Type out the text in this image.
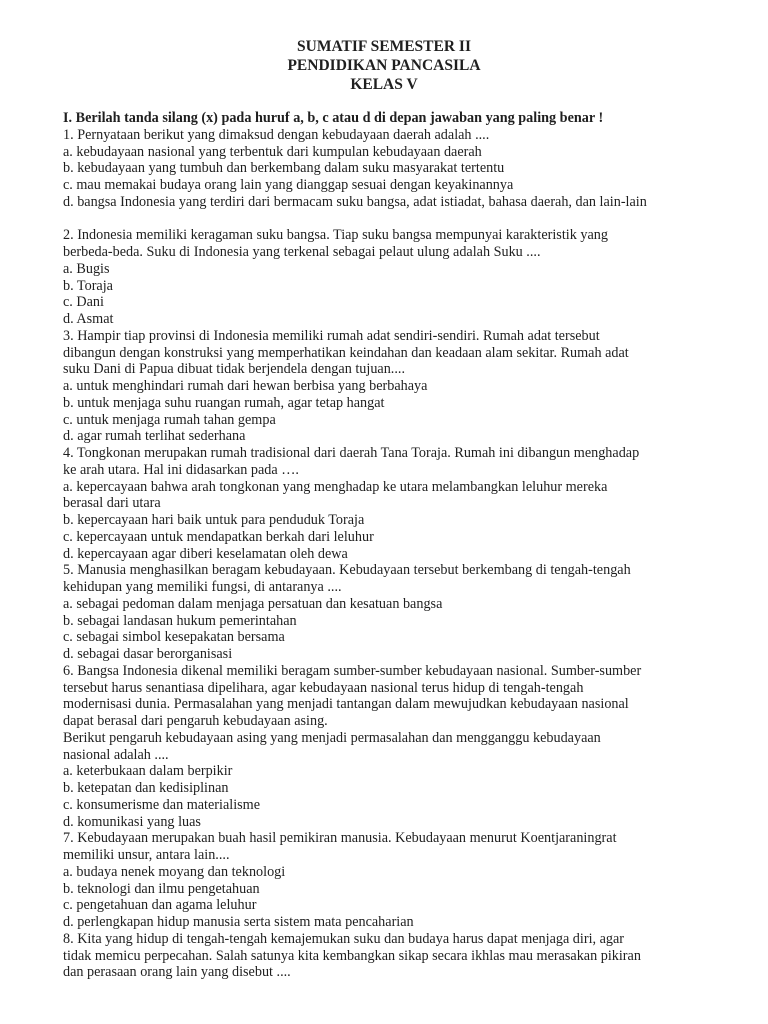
SUMATIF SEMESTER II
PENDIDIKAN PANCASILA
KELAS V
I. Berilah tanda silang (x) pada huruf a, b, c atau d di depan jawaban yang paling benar !
1. Pernyataan berikut yang dimaksud dengan kebudayaan daerah adalah ....
a. kebudayaan nasional yang terbentuk dari kumpulan kebudayaan daerah
b. kebudayaan yang tumbuh dan berkembang dalam suku masyarakat tertentu
c. mau memakai budaya orang lain yang dianggap sesuai dengan keyakinannya
d. bangsa Indonesia yang terdiri dari bermacam suku bangsa, adat istiadat, bahasa daerah, dan lain-lain
2. Indonesia memiliki keragaman suku bangsa. Tiap suku bangsa mempunyai karakteristik yang
berbeda-beda. Suku di Indonesia yang terkenal sebagai pelaut ulung adalah Suku ....
a. Bugis
b. Toraja
c. Dani
d. Asmat
3. Hampir tiap provinsi di Indonesia memiliki rumah adat sendiri-sendiri. Rumah adat tersebut
dibangun dengan konstruksi yang memperhatikan keindahan dan keadaan alam sekitar. Rumah adat
suku Dani di Papua dibuat tidak berjendela dengan tujuan....
a. untuk menghindari rumah dari hewan berbisa yang berbahaya
b. untuk menjaga suhu ruangan rumah, agar tetap hangat
c. untuk menjaga rumah tahan gempa
d. agar rumah terlihat sederhana
4. Tongkonan merupakan rumah tradisional dari daerah Tana Toraja. Rumah ini dibangun menghadap
ke arah utara. Hal ini didasarkan pada ….
a. kepercayaan bahwa arah tongkonan yang menghadap ke utara melambangkan leluhur mereka
berasal dari utara
b. kepercayaan hari baik untuk para penduduk Toraja
c. kepercayaan untuk mendapatkan berkah dari leluhur
d. kepercayaan agar diberi keselamatan oleh dewa
5. Manusia menghasilkan beragam kebudayaan. Kebudayaan tersebut berkembang di tengah-tengah
kehidupan yang memiliki fungsi, di antaranya ....
a. sebagai pedoman dalam menjaga persatuan dan kesatuan bangsa
b. sebagai landasan hukum pemerintahan
c. sebagai simbol kesepakatan bersama
d. sebagai dasar berorganisasi
6. Bangsa Indonesia dikenal memiliki beragam sumber-sumber kebudayaan nasional. Sumber-sumber
tersebut harus senantiasa dipelihara, agar kebudayaan nasional terus hidup di tengah-tengah
modernisasi dunia. Permasalahan yang menjadi tantangan dalam mewujudkan kebudayaan nasional
dapat berasal dari pengaruh kebudayaan asing.
Berikut pengaruh kebudayaan asing yang menjadi permasalahan dan mengganggu kebudayaan
nasional adalah ....
a. keterbukaan dalam berpikir
b. ketepatan dan kedisiplinan
c. konsumerisme dan materialisme
d. komunikasi yang luas
7. Kebudayaan merupakan buah hasil pemikiran manusia. Kebudayaan menurut Koentjaraningrat
memiliki unsur, antara lain....
a. budaya nenek moyang dan teknologi
b. teknologi dan ilmu pengetahuan
c. pengetahuan dan agama leluhur
d. perlengkapan hidup manusia serta sistem mata pencaharian
8. Kita yang hidup di tengah-tengah kemajemukan suku dan budaya harus dapat menjaga diri, agar
tidak memicu perpecahan. Salah satunya kita kembangkan sikap secara ikhlas mau merasakan pikiran
dan perasaan orang lain yang disebut ....
